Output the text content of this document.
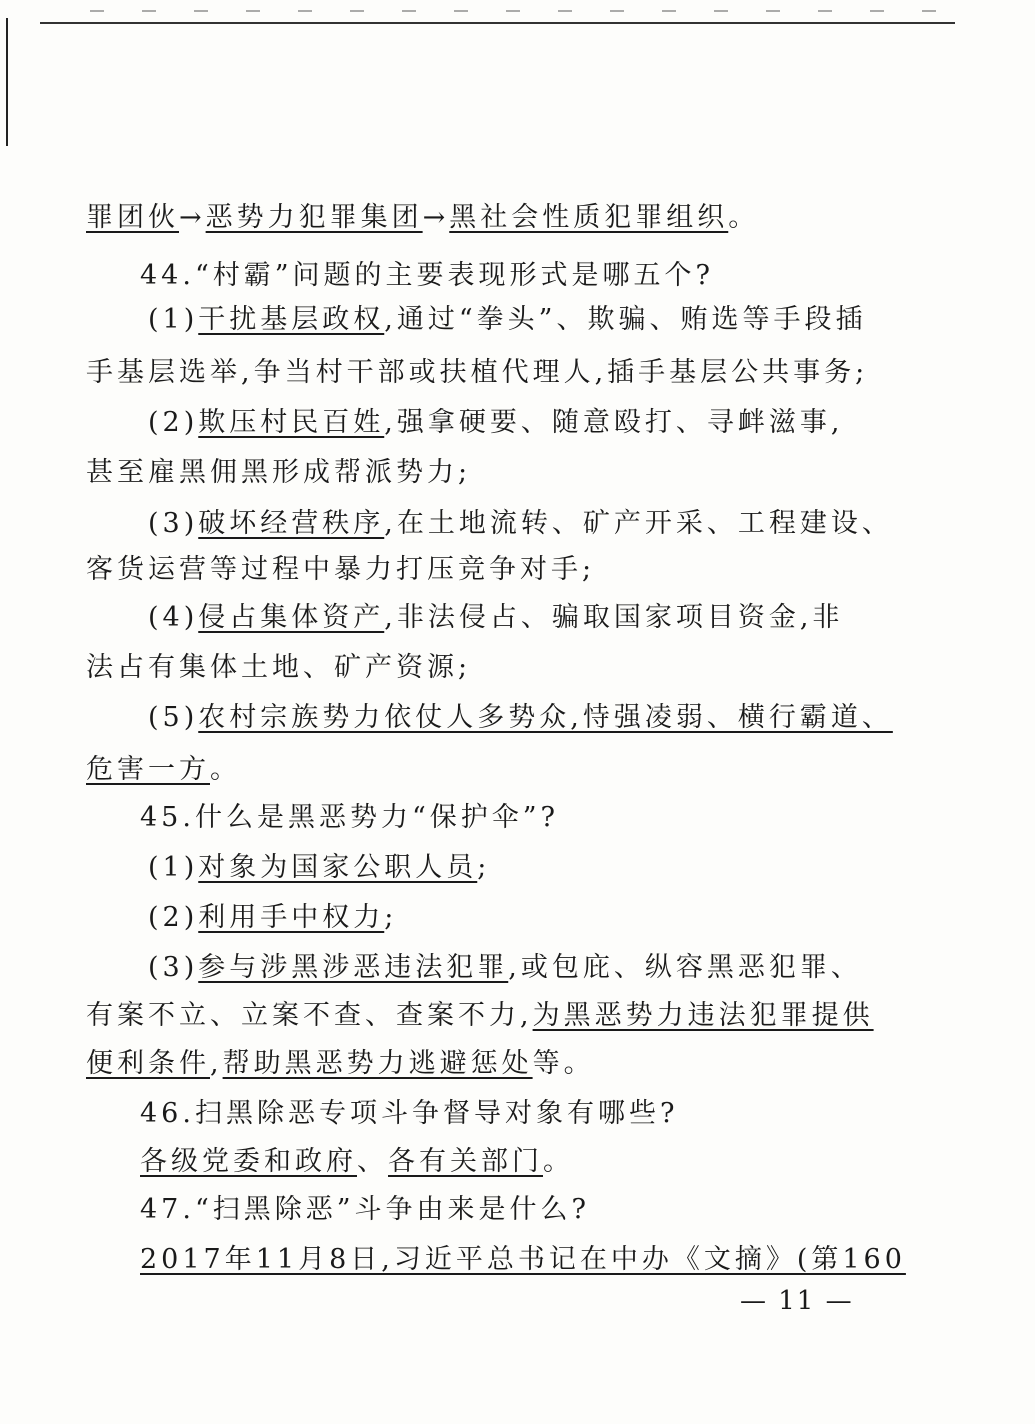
罪团伙→恶势力犯罪集团→黑社会性质犯罪组织。
44.“村霸”问题的主要表现形式是哪五个?
(1)干扰基层政权,通过“拳头”、欺骗、贿选等手段插
手基层选举,争当村干部或扶植代理人,插手基层公共事务;
(2)欺压村民百姓,强拿硬要、随意殴打、寻衅滋事,
甚至雇黑佣黑形成帮派势力;
(3)破坏经营秩序,在土地流转、矿产开采、工程建设、
客货运营等过程中暴力打压竞争对手;
(4)侵占集体资产,非法侵占、骗取国家项目资金,非
法占有集体土地、矿产资源;
(5)农村宗族势力依仗人多势众,恃强凌弱、横行霸道、
危害一方。
45.什么是黑恶势力“保护伞”?
(1)对象为国家公职人员;
(2)利用手中权力;
(3)参与涉黑涉恶违法犯罪,或包庇、纵容黑恶犯罪、
有案不立、立案不查、查案不力,为黑恶势力违法犯罪提供
便利条件,帮助黑恶势力逃避惩处等。
46.扫黑除恶专项斗争督导对象有哪些?
各级党委和政府、各有关部门。
47.“扫黑除恶”斗争由来是什么?
2017年11月8日,习近平总书记在中办《文摘》(第160
— 11 —
